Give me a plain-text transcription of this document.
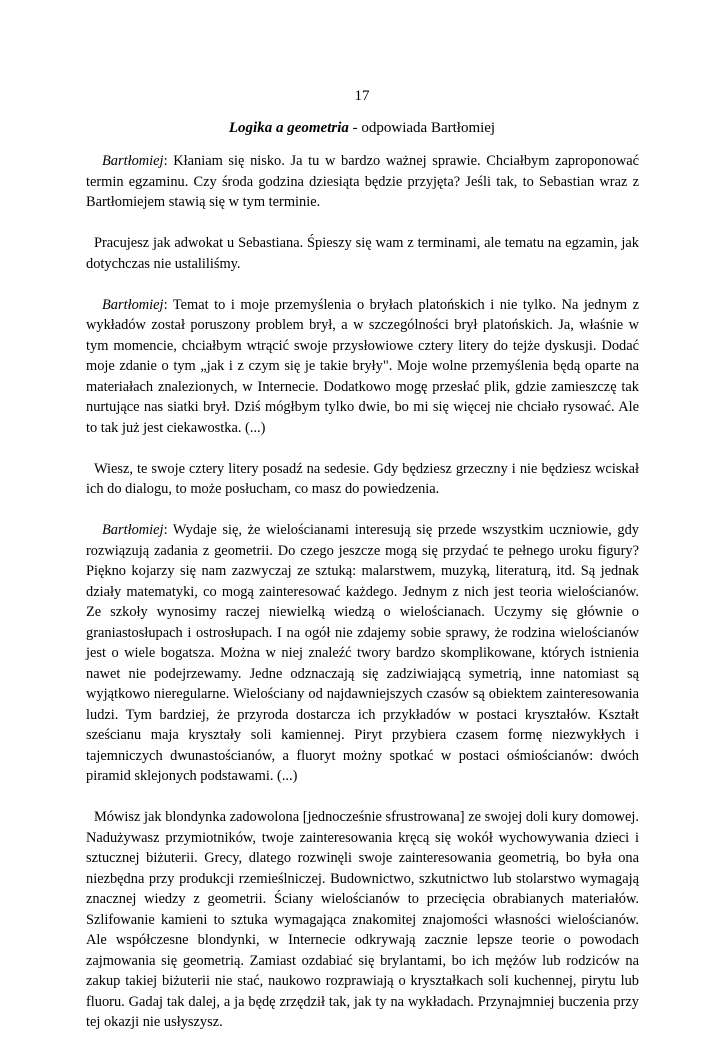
17
Logika a geometria - odpowiada Bartłomiej

Bartłomiej: Kłaniam się nisko. Ja tu w bardzo ważnej sprawie. Chciałbym zaproponować termin egzaminu. Czy środa godzina dziesiąta będzie przyjęta? Jeśli tak, to Sebastian wraz z Bartłomiejem stawią się w tym terminie.

Pracujesz jak adwokat u Sebastiana. Śpieszy się wam z terminami, ale tematu na egzamin, jak dotychczas nie ustaliliśmy.

Bartłomiej: Temat to i moje przemyślenia o bryłach platońskich i nie tylko. Na jednym z wykładów został poruszony problem brył, a w szczególności brył platońskich. Ja, właśnie w tym momencie, chciałbym wtrącić swoje przysłowiowe cztery litery do tejże dyskusji. Dodać moje zdanie o tym „jak i z czym się je takie bryły". Moje wolne przemyślenia będą oparte na materiałach znalezionych, w Internecie. Dodatkowo mogę przesłać plik, gdzie zamieszczę tak nurtujące nas siatki brył. Dziś mógłbym tylko dwie, bo mi się więcej nie chciało rysować. Ale to tak już jest ciekawostka. (...)

Wiesz, te swoje cztery litery posadź na sedesie. Gdy będziesz grzeczny i nie będziesz wciskał ich do dialogu, to może posłucham, co masz do powiedzenia.

Bartłomiej: Wydaje się, że wielościanami interesują się przede wszystkim uczniowie, gdy rozwiązują zadania z geometrii. Do czego jeszcze mogą się przydać te pełnego uroku figury? Piękno kojarzy się nam zazwyczaj ze sztuką: malarstwem, muzyką, literaturą, itd. Są jednak działy matematyki, co mogą zainteresować każdego. Jednym z nich jest teoria wielościanów. Ze szkoły wynosimy raczej niewielką wiedzą o wielościanach. Uczymy się głównie o graniastosłupach i ostrosłupach. I na ogół nie zdajemy sobie sprawy, że rodzina wielościanów jest o wiele bogatsza. Można w niej znaleźć twory bardzo skomplikowane, których istnienia nawet nie podejrzewamy. Jedne odznaczają się zadziwiającą symetrią, inne natomiast są wyjątkowo nieregularne. Wielościany od najdawniejszych czasów są obiektem zainteresowania ludzi. Tym bardziej, że przyroda dostarcza ich przykładów w postaci kryształów. Kształt sześcianu maja kryształy soli kamiennej. Piryt przybiera czasem formę niezwykłych i tajemniczych dwunastościanów, a fluoryt możny spotkać w postaci ośmiościanów: dwóch piramid sklejonych podstawami. (...)

Mówisz jak blondynka zadowolona [jednocześnie sfrustrowana] ze swojej doli kury domowej. Nadużywasz przymiotników, twoje zainteresowania kręcą się wokół wychowywania dzieci i sztucznej biżuterii. Grecy, dlatego rozwinęli swoje zainteresowania geometrią, bo była ona niezbędna przy produkcji rzemieślniczej. Budownictwo, szkutnictwo lub stolarstwo wymagają znacznej wiedzy z geometrii. Ściany wielościanów to przecięcia obrabianych materiałów. Szlifowanie kamieni to sztuka wymagająca znakomitej znajomości własności wielościanów. Ale współczesne blondynki, w Internecie odkrywają zacznie lepsze teorie o powodach zajmowania się geometrią. Zamiast ozdabiać się brylantami, bo ich mężów lub rodziców na zakup takiej biżuterii nie stać, naukowo rozprawiają o kryształkach soli kuchennej, pirytu lub fluoru. Gadaj tak dalej, a ja będę zrzędził tak, jak ty na wykładach. Przynajmniej buczenia przy tej okazji nie usłyszysz.
